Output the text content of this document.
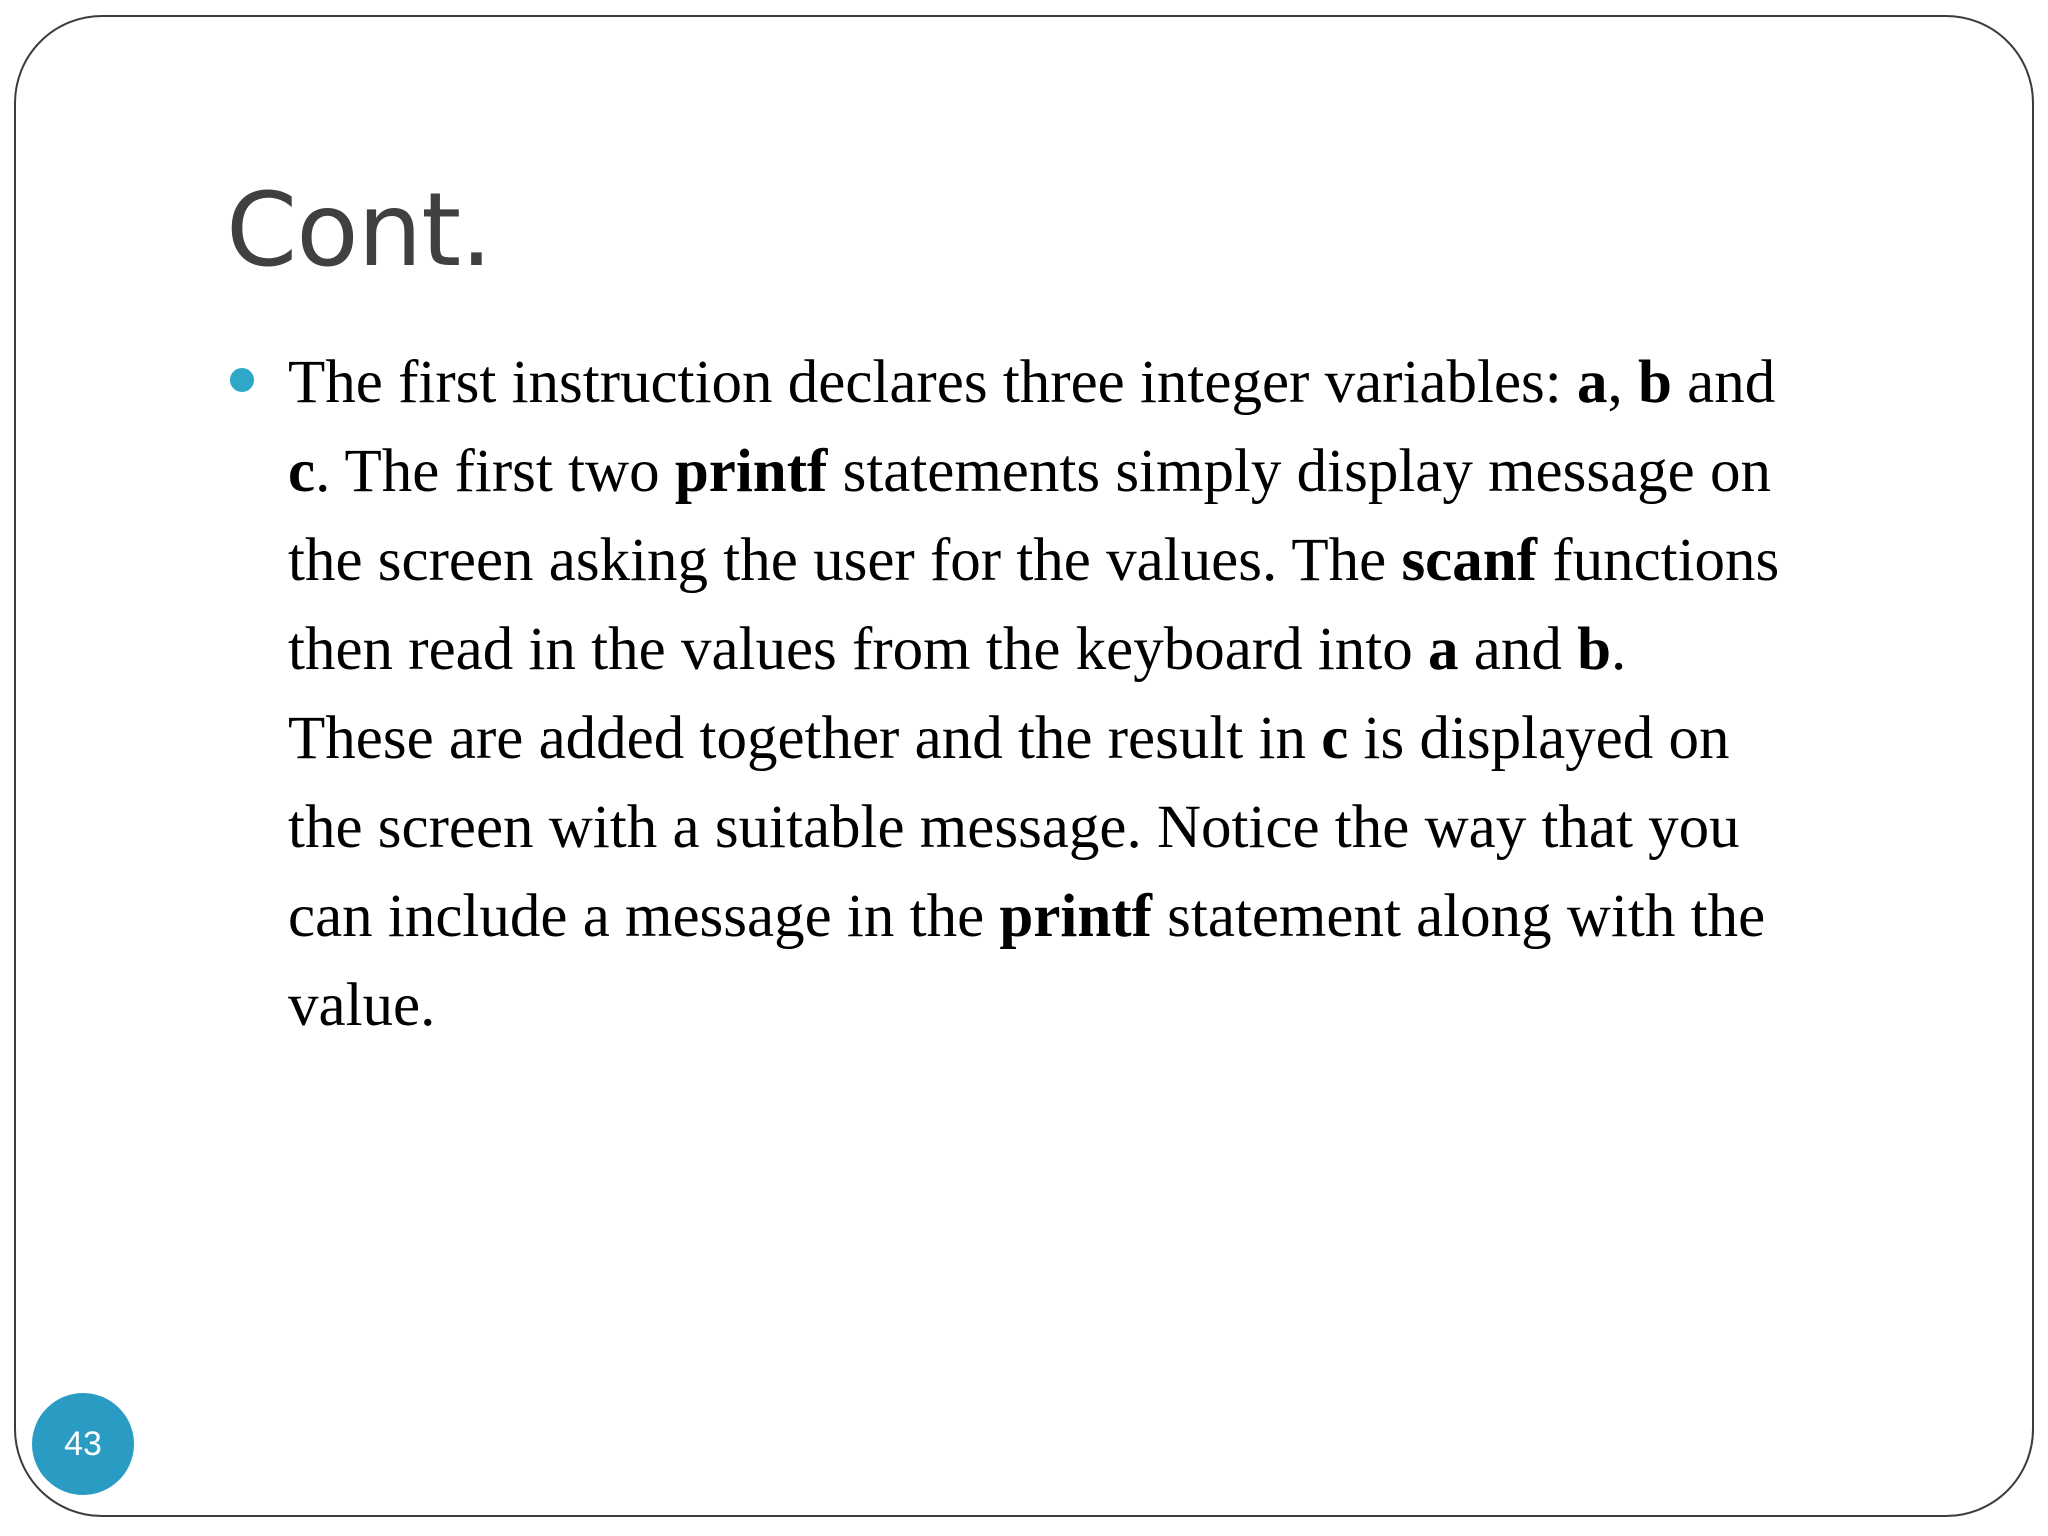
Cont.
The first instruction declares three integer variables: a, b and
c. The first two printf statements simply display message on
the screen asking the user for the values. The scanf functions
then read in the values from the keyboard into a and b.
These are added together and the result in c is displayed on
the screen with a suitable message. Notice the way that you
can include a message in the printf statement along with the
value.
43
